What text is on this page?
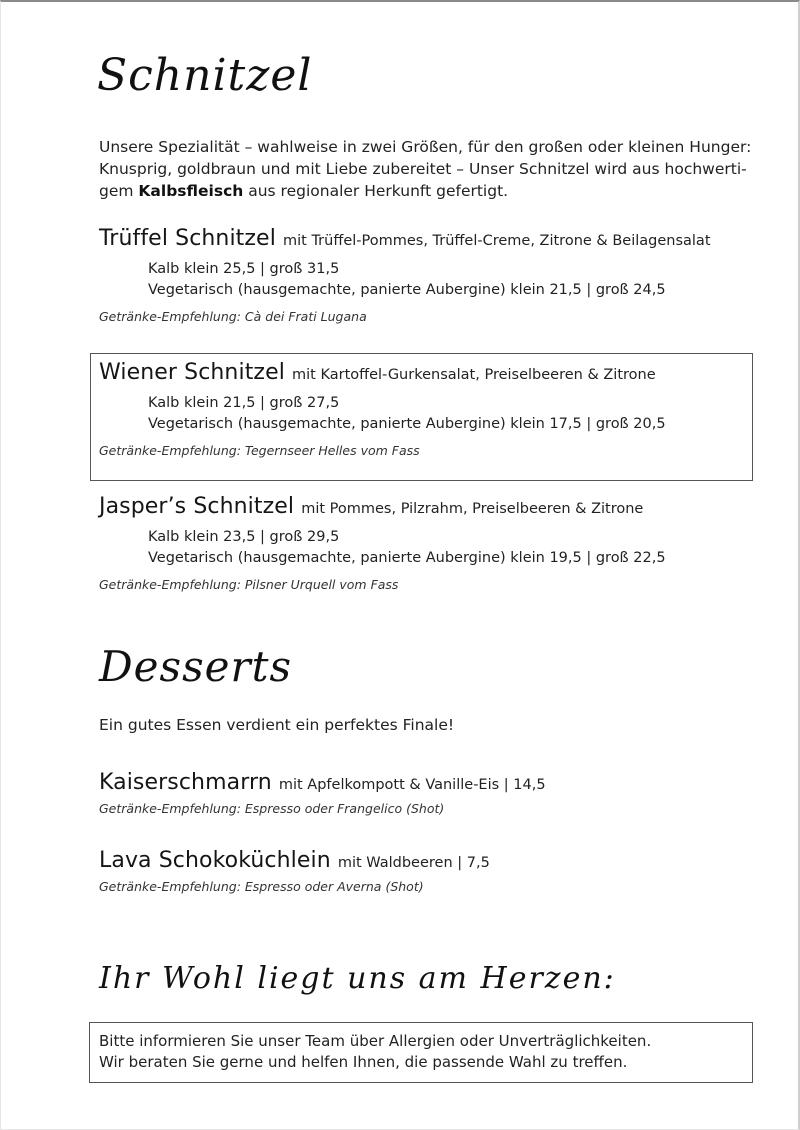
Schnitzel
Unsere Spezialität – wahlweise in zwei Größen, für den großen oder kleinen Hunger:
Knusprig, goldbraun und mit Liebe zubereitet – Unser Schnitzel wird aus hochwerti-
gem Kalbsfleisch aus regionaler Herkunft gefertigt.
Trüffel Schnitzel mit Trüffel-Pommes, Trüffel-Creme, Zitrone & Beilagensalat
Kalb klein 25,5 | groß 31,5
Vegetarisch (hausgemachte, panierte Aubergine) klein 21,5 | groß 24,5
Getränke-Empfehlung: Cà dei Frati Lugana
Wiener Schnitzel mit Kartoffel-Gurkensalat, Preiselbeeren & Zitrone
Kalb klein 21,5 | groß 27,5
Vegetarisch (hausgemachte, panierte Aubergine) klein 17,5 | groß 20,5
Getränke-Empfehlung: Tegernseer Helles vom Fass
Jasper’s Schnitzel mit Pommes, Pilzrahm, Preiselbeeren & Zitrone
Kalb klein 23,5 | groß 29,5
Vegetarisch (hausgemachte, panierte Aubergine) klein 19,5 | groß 22,5
Getränke-Empfehlung: Pilsner Urquell vom Fass
Desserts
Ein gutes Essen verdient ein perfektes Finale!
Kaiserschmarrn mit Apfelkompott & Vanille-Eis | 14,5
Getränke-Empfehlung: Espresso oder Frangelico (Shot)
Lava Schokoküchlein mit Waldbeeren | 7,5
Getränke-Empfehlung: Espresso oder Averna (Shot)
Ihr Wohl liegt uns am Herzen:
Bitte informieren Sie unser Team über Allergien oder Unverträglichkeiten.
Wir beraten Sie gerne und helfen Ihnen, die passende Wahl zu treffen.
